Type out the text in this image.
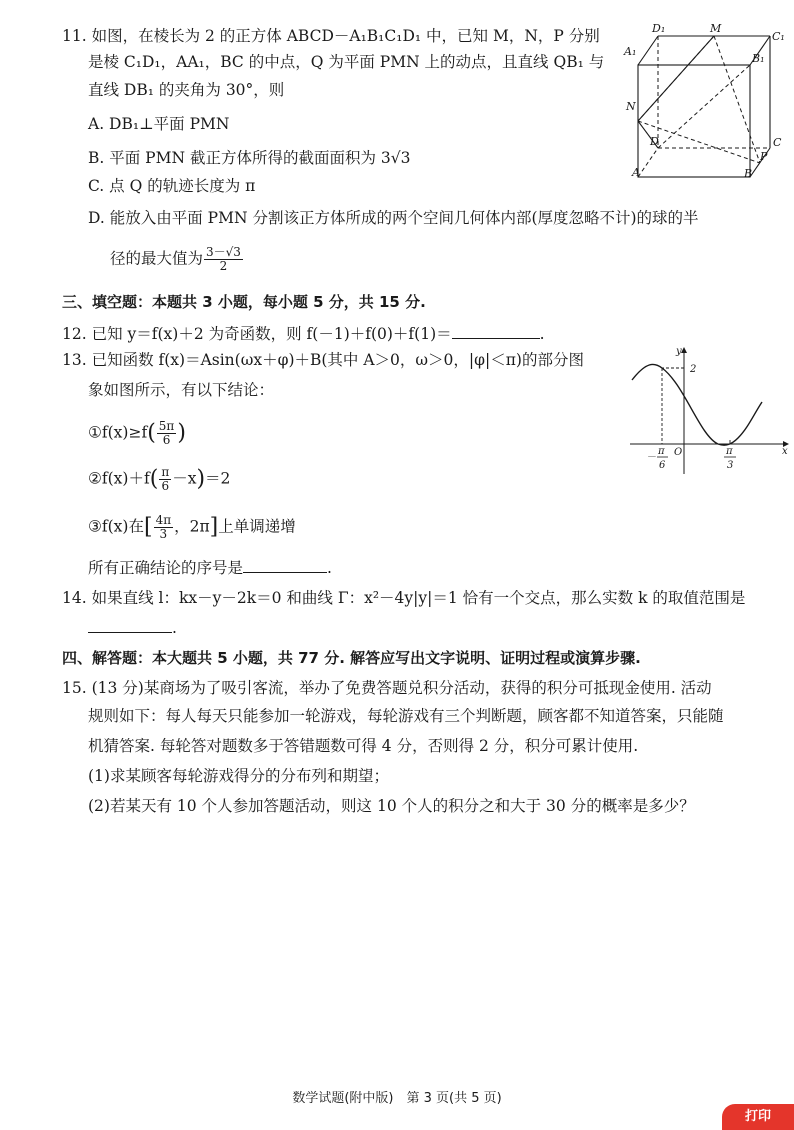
11. 如图，在棱长为 2 的正方体 ABCD－A₁B₁C₁D₁ 中，已知 M，N，P 分别
是棱 C₁D₁，AA₁，BC 的中点，Q 为平面 PMN 上的动点，且直线 QB₁ 与
直线 DB₁ 的夹角为 30°，则
A. DB₁⊥平面 PMN
B. 平面 PMN 截正方体所得的截面面积为 3√3
C. 点 Q 的轨迹长度为 π
D. 能放入由平面 PMN 分割该正方体所成的两个空间几何体内部(厚度忽略不计)的球的半
径的最大值为 $\frac{3-√3}{2}$
D₁	M
C₁
A₁
B₁
N
D	C
A	B
P
三、填空题：本题共 3 小题，每小题 5 分，共 15 分.
12. 已知 y＝f(x)＋2 为奇函数，则 f(－1)＋f(0)＋f(1)＝	.
13. 已知函数 f(x)＝Asin(ωx＋φ)＋B(其中 A＞0，ω＞0，|φ|＜π)的部分图
象如图所示，有以下结论：
①f(x)≥f( $\frac{5\pi}{6}$ )
②f(x)＋f( $\frac{\pi}{6} -x)=2$
③f(x)在[ $\frac{4\pi}{3}$ ，2π]上单调递增
所有正确结论的序号是	.
y
x
O
2
－
π
6
π
3
14. 如果直线 l：kx－y－2k＝0 和曲线 Γ：x²－4y|y|＝1 恰有一个交点，那么实数 k 的取值范围是
.
四、解答题：本大题共 5 小题，共 77 分. 解答应写出文字说明、证明过程或演算步骤.
15. (13 分)某商场为了吸引客流，举办了免费答题兑积分活动，获得的积分可抵现金使用. 活动
规则如下：每人每天只能参加一轮游戏，每轮游戏有三个判断题，顾客都不知道答案，只能随
机猜答案. 每轮答对题数多于答错题数可得 4 分，否则得 2 分，积分可累计使用.
(1)求某顾客每轮游戏得分的分布列和期望；
(2)若某天有 10 个人参加答题活动，则这 10 个人的积分之和大于 30 分的概率是多少？
数学试题(附中版)　第 3 页(共 5 页)
打印
